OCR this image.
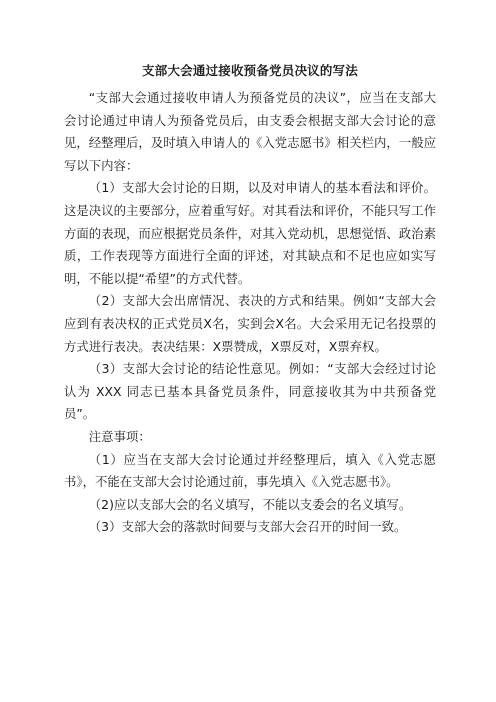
支部大会通过接收预备党员决议的写法

“支部大会通过接收申请人为预备党员的决议”，应当在支部大会讨论通过申请人为预备党员后，由支委会根据支部大会讨论的意见，经整理后，及时填入申请人的《入党志愿书》相关栏内，一般应写以下内容：

（1）支部大会讨论的日期，以及对申请人的基本看法和评价。这是决议的主要部分，应着重写好。对其看法和评价，不能只写工作方面的表现，而应根据党员条件，对其入党动机，思想觉悟、政治素质，工作表现等方面进行全面的评述，对其缺点和不足也应如实写明，不能以提“希望”的方式代替。

（2）支部大会出席情况、表决的方式和结果。例如“支部大会应到有表决权的正式党员X名，实到会X名。大会采用无记名投票的方式进行表决。表决结果：X票赞成，X票反对，X票弃权。

（3）支部大会讨论的结论性意见。例如：“支部大会经过讨论认为 XXX 同志已基本具备党员条件，同意接收其为中共预备党员”。

注意事项：

（1）应当在支部大会讨论通过并经整理后，填入《入党志愿书》，不能在支部大会讨论通过前，事先填入《入党志愿书》。

（2)应以支部大会的名义填写，不能以支委会的名义填写。

（3）支部大会的落款时间要与支部大会召开的时间一致。
